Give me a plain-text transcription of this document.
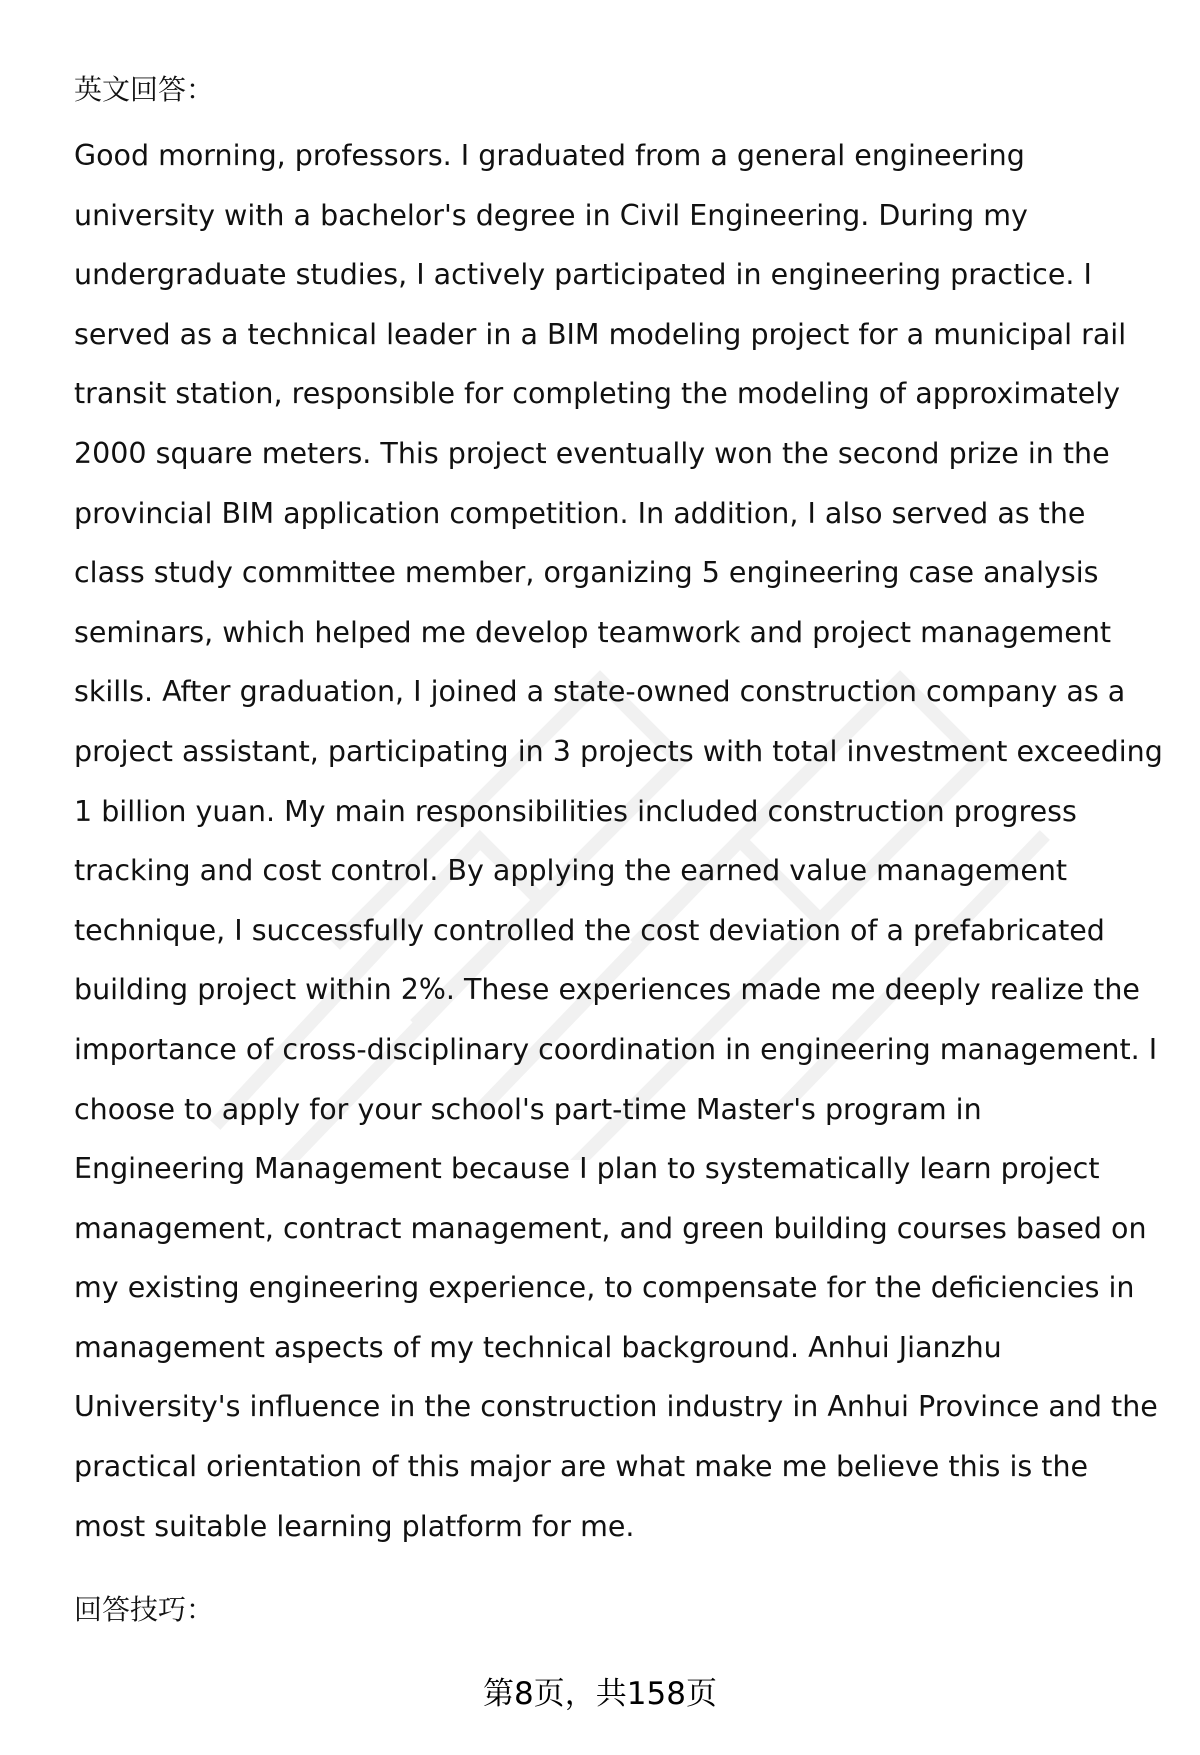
英文回答：
Good morning, professors. I graduated from a general engineering
university with a bachelor's degree in Civil Engineering. During my
undergraduate studies, I actively participated in engineering practice. I
served as a technical leader in a BIM modeling project for a municipal rail
transit station, responsible for completing the modeling of approximately
2000 square meters. This project eventually won the second prize in the
provincial BIM application competition. In addition, I also served as the
class study committee member, organizing 5 engineering case analysis
seminars, which helped me develop teamwork and project management
skills. After graduation, I joined a state-owned construction company as a
project assistant, participating in 3 projects with total investment exceeding
1 billion yuan. My main responsibilities included construction progress
tracking and cost control. By applying the earned value management
technique, I successfully controlled the cost deviation of a prefabricated
building project within 2%. These experiences made me deeply realize the
importance of cross-disciplinary coordination in engineering management. I
choose to apply for your school's part-time Master's program in
Engineering Management because I plan to systematically learn project
management, contract management, and green building courses based on
my existing engineering experience, to compensate for the deficiencies in
management aspects of my technical background. Anhui Jianzhu
University's influence in the construction industry in Anhui Province and the
practical orientation of this major are what make me believe this is the
most suitable learning platform for me.
回答技巧：
第8页，共158页
